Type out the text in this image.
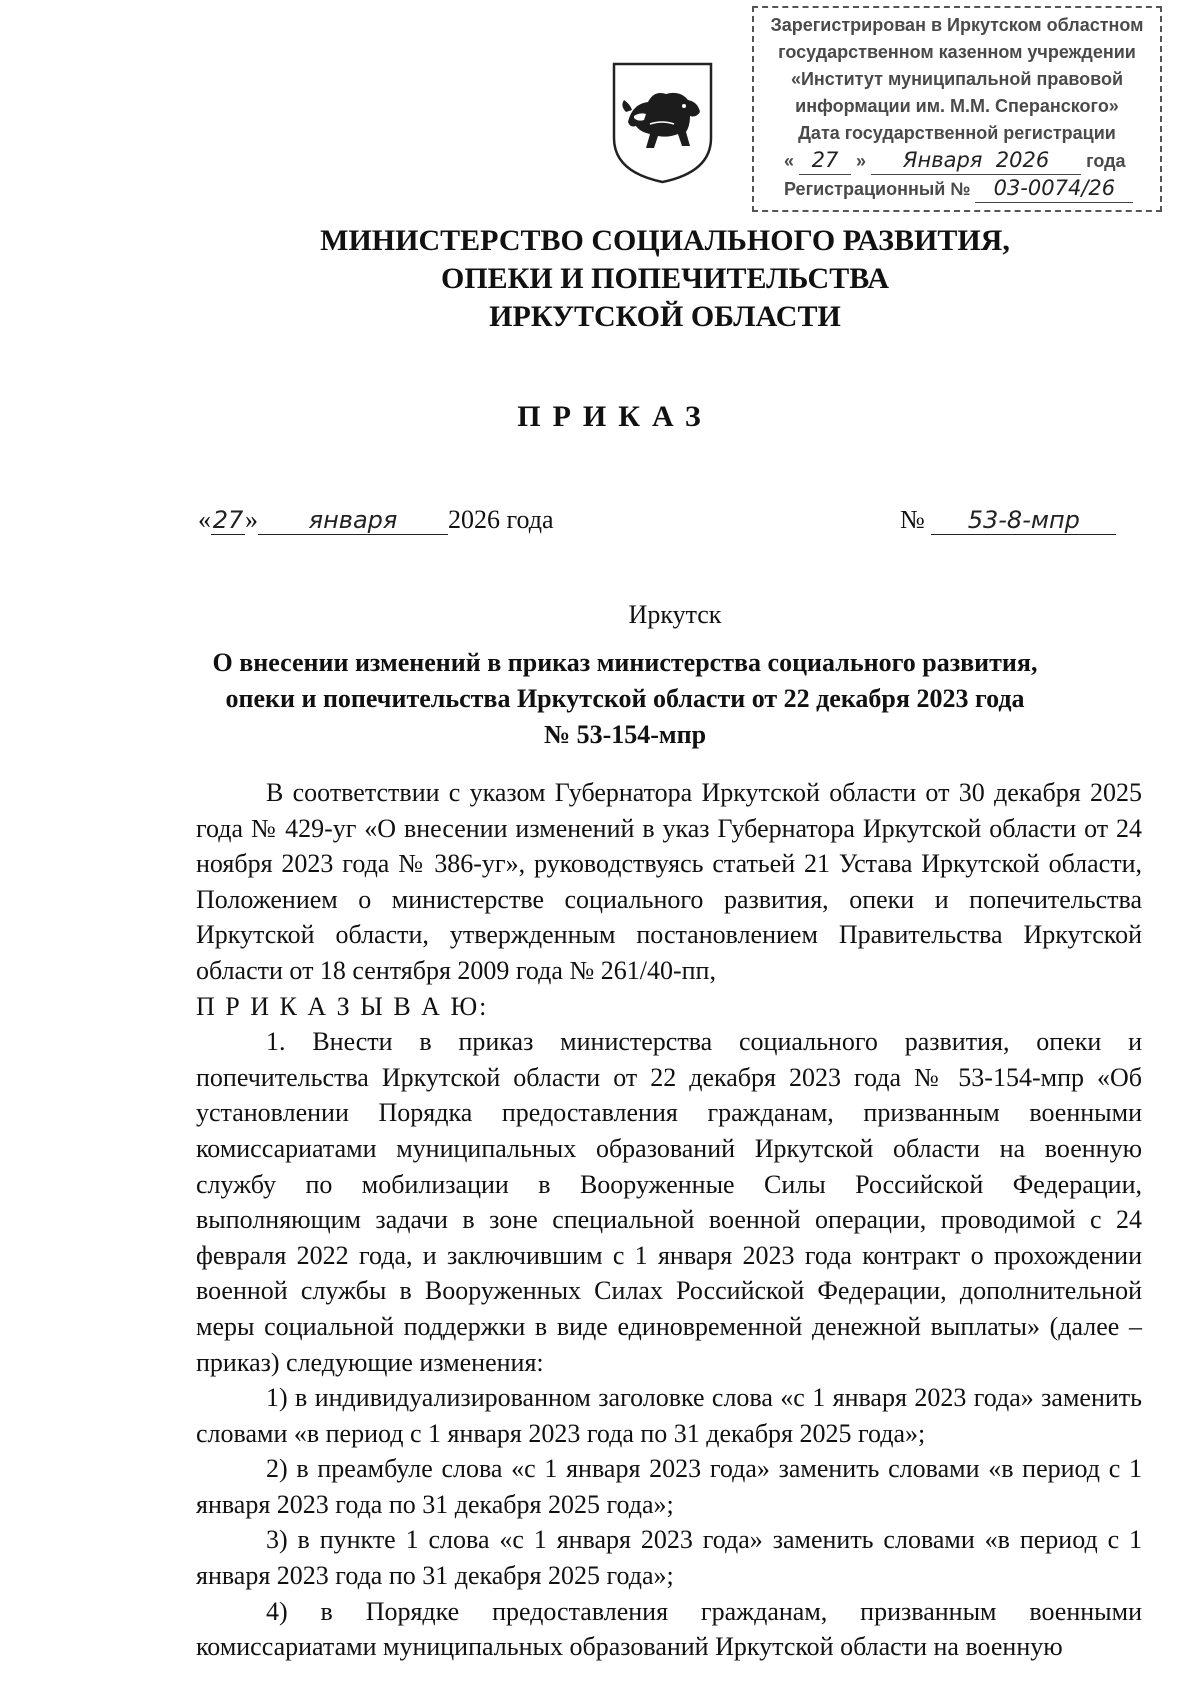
Зарегистрирован в Иркутском областном
государственном казенном учреждении
«Институт муниципальной правовой
информации им. М.М. Сперанского»
Дата государственной регистрации
« 27 » Января 2026 года
Регистрационный № 03-0074/26
МИНИСТЕРСТВО СОЦИАЛЬНОГО РАЗВИТИЯ,
ОПЕКИ И ПОПЕЧИТЕЛЬСТВА
ИРКУТСКОЙ ОБЛАСТИ
ПРИКАЗ
«27» января 2026 года	№ 53-8-мпр
Иркутск
О внесении изменений в приказ министерства социального развития,
опеки и попечительства Иркутской области от 22 декабря 2023 года
№ 53-154-мпр

В соответствии с указом Губернатора Иркутской области от 30 декабря 2025 года № 429-уг «О внесении изменений в указ Губернатора Иркутской области от 24 ноября 2023 года № 386-уг», руководствуясь статьей 21 Устава Иркутской области, Положением о министерстве социального развития, опеки и попечительства Иркутской области, утвержденным постановлением Правительства Иркутской области от 18 сентября 2009 года № 261/40-пп,

П Р И К А З Ы В А Ю:

1. Внести в приказ министерства социального развития, опеки и попечительства Иркутской области от 22 декабря 2023 года № 53-154-мпр «Об установлении Порядка предоставления гражданам, призванным военными комиссариатами муниципальных образований Иркутской области на военную службу по мобилизации в Вооруженные Силы Российской Федерации, выполняющим задачи в зоне специальной военной операции, проводимой с 24 февраля 2022 года, и заключившим с 1 января 2023 года контракт о прохождении военной службы в Вооруженных Силах Российской Федерации, дополнительной меры социальной поддержки в виде единовременной денежной выплаты» (далее – приказ) следующие изменения:

1) в индивидуализированном заголовке слова «с 1 января 2023 года» заменить словами «в период с 1 января 2023 года по 31 декабря 2025 года»;

2) в преамбуле слова «с 1 января 2023 года» заменить словами «в период с 1 января 2023 года по 31 декабря 2025 года»;

3) в пункте 1 слова «с 1 января 2023 года» заменить словами «в период с 1 января 2023 года по 31 декабря 2025 года»;

4) в Порядке предоставления гражданам, призванным военными комиссариатами муниципальных образований Иркутской области на военную
